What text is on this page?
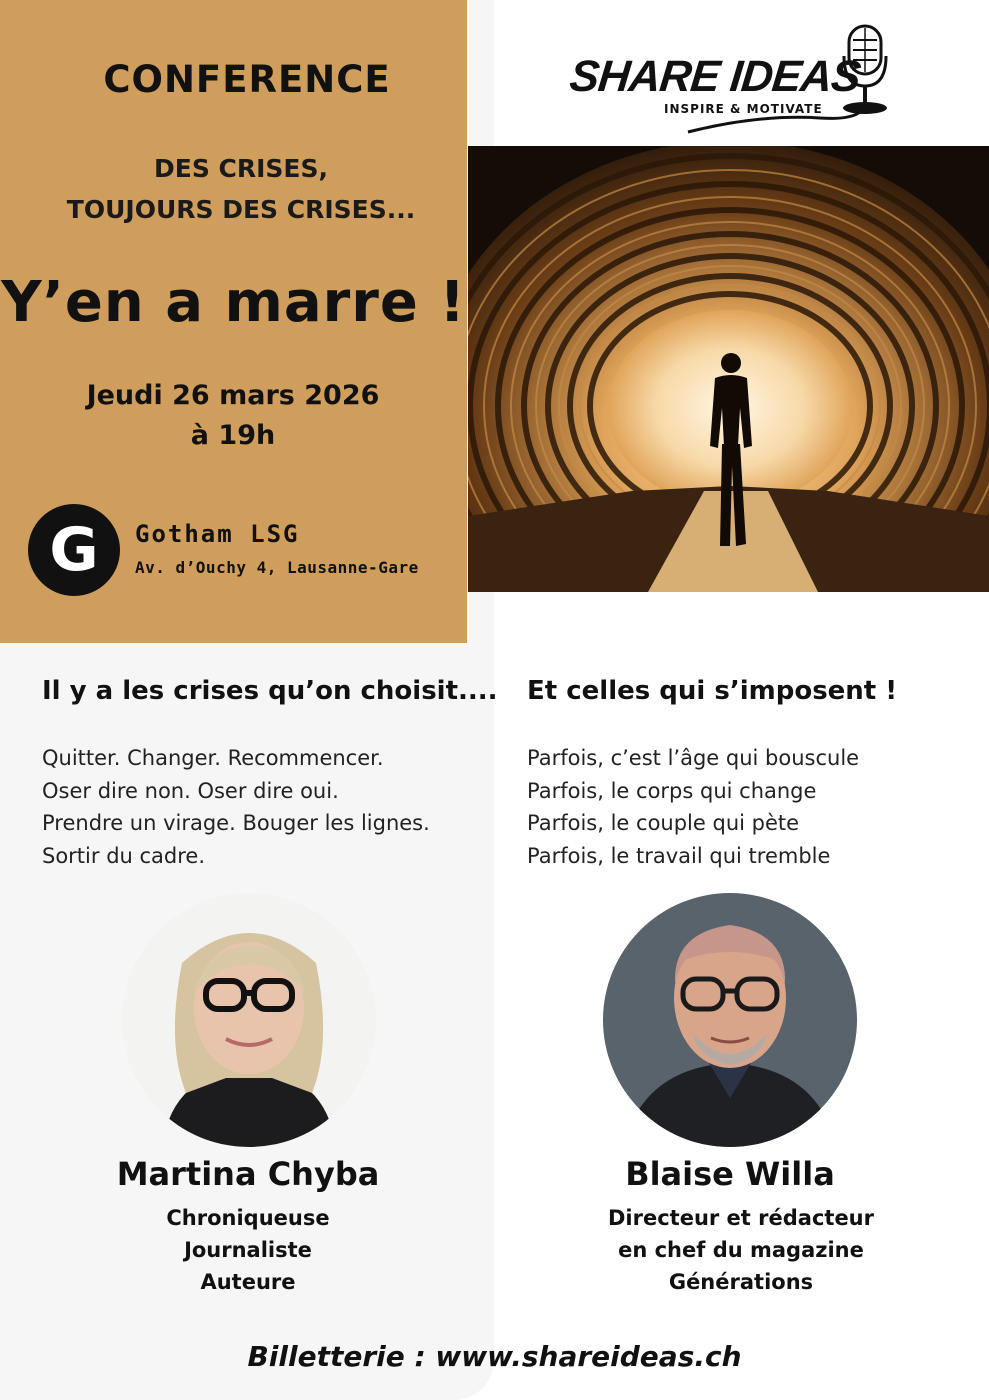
CONFERENCE
DES CRISES,
TOUJOURS DES CRISES...
Y’en a marre !
Jeudi 26 mars 2026
à 19h
G	Gotham LSG
Av. d’Ouchy 4, Lausanne-Gare
SHARE IDEAS
INSPIRE & MOTIVATE
Il y a les crises qu’on choisit....
Quitter. Changer. Recommencer.
Oser dire non. Oser dire oui.
Prendre un virage. Bouger les lignes.
Sortir du cadre.
Et celles qui s’imposent !
Parfois, c’est l’âge qui bouscule
Parfois, le corps qui change
Parfois, le couple qui pète
Parfois, le travail qui tremble
Martina Chyba
Chroniqueuse
Journaliste
Auteure
Blaise Willa
Directeur et rédacteur
en chef du magazine
Générations
Billetterie : www.shareideas.ch
